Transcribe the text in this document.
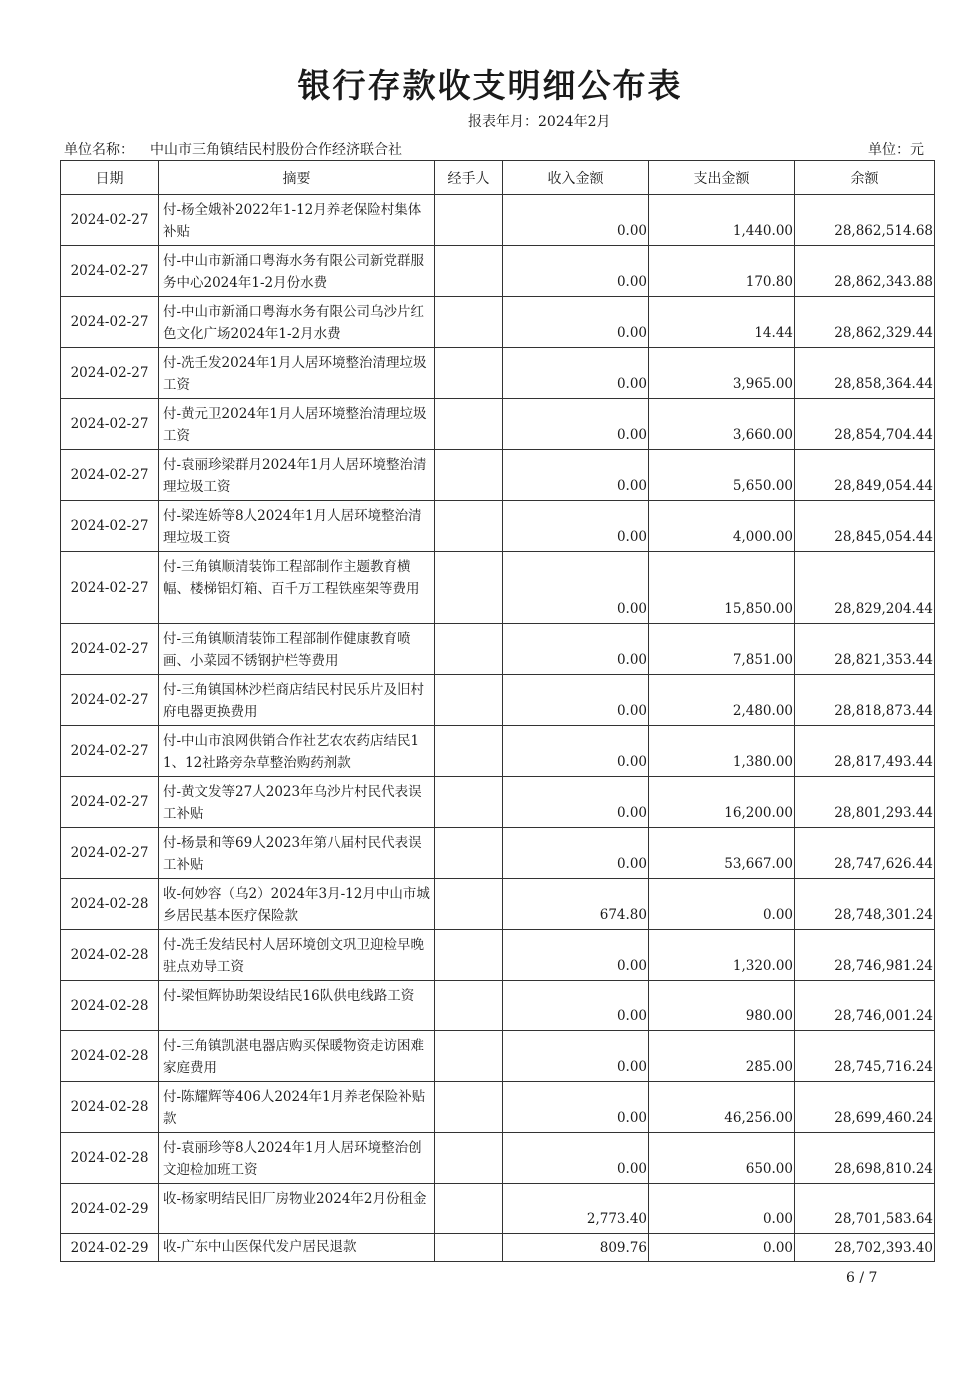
银行存款收支明细公布表
报表年月：2024年2月
单位名称： 中山市三角镇结民村股份合作经济联合社	单位：元
日期	摘要	经手人	收入金额	支出金额	余额
2024-02-27	付-杨全娥补2022年1-12月养老保险村集体补贴		0.00	1,440.00	28,862,514.68
2024-02-27	付-中山市新涌口粤海水务有限公司新党群服务中心2024年1-2月份水费		0.00	170.80	28,862,343.88
2024-02-27	付-中山市新涌口粤海水务有限公司乌沙片红色文化广场2024年1-2月水费		0.00	14.44	28,862,329.44
2024-02-27	付-冼壬发2024年1月人居环境整治清理垃圾工资		0.00	3,965.00	28,858,364.44
2024-02-27	付-黄元卫2024年1月人居环境整治清理垃圾工资		0.00	3,660.00	28,854,704.44
2024-02-27	付-袁丽珍梁群月2024年1月人居环境整治清理垃圾工资		0.00	5,650.00	28,849,054.44
2024-02-27	付-梁连娇等8人2024年1月人居环境整治清理垃圾工资		0.00	4,000.00	28,845,054.44
2024-02-27	付-三角镇顺清装饰工程部制作主题教育横幅、楼梯铝灯箱、百千万工程铁座架等费用		0.00	15,850.00	28,829,204.44
2024-02-27	付-三角镇顺清装饰工程部制作健康教育喷画、小菜园不锈钢护栏等费用		0.00	7,851.00	28,821,353.44
2024-02-27	付-三角镇国林沙栏商店结民村民乐片及旧村府电器更换费用		0.00	2,480.00	28,818,873.44
2024-02-27	付-中山市浪网供销合作社艺农农药店结民11、12社路旁杂草整治购药剂款		0.00	1,380.00	28,817,493.44
2024-02-27	付-黄文发等27人2023年乌沙片村民代表误工补贴		0.00	16,200.00	28,801,293.44
2024-02-27	付-杨景和等69人2023年第八届村民代表误工补贴		0.00	53,667.00	28,747,626.44
2024-02-28	收-何妙容（乌2）2024年3月-12月中山市城乡居民基本医疗保险款		674.80	0.00	28,748,301.24
2024-02-28	付-冼壬发结民村人居环境创文巩卫迎检早晚驻点劝导工资		0.00	1,320.00	28,746,981.24
2024-02-28	付-梁恒辉协助架设结民16队供电线路工资		0.00	980.00	28,746,001.24
2024-02-28	付-三角镇凯湛电器店购买保暖物资走访困难家庭费用		0.00	285.00	28,745,716.24
2024-02-28	付-陈耀辉等406人2024年1月养老保险补贴款		0.00	46,256.00	28,699,460.24
2024-02-28	付-袁丽珍等8人2024年1月人居环境整治创文迎检加班工资		0.00	650.00	28,698,810.24
2024-02-29	收-杨家明结民旧厂房物业2024年2月份租金		2,773.40	0.00	28,701,583.64
2024-02-29	收-广东中山医保代发户居民退款		809.76	0.00	28,702,393.40
6 / 7
